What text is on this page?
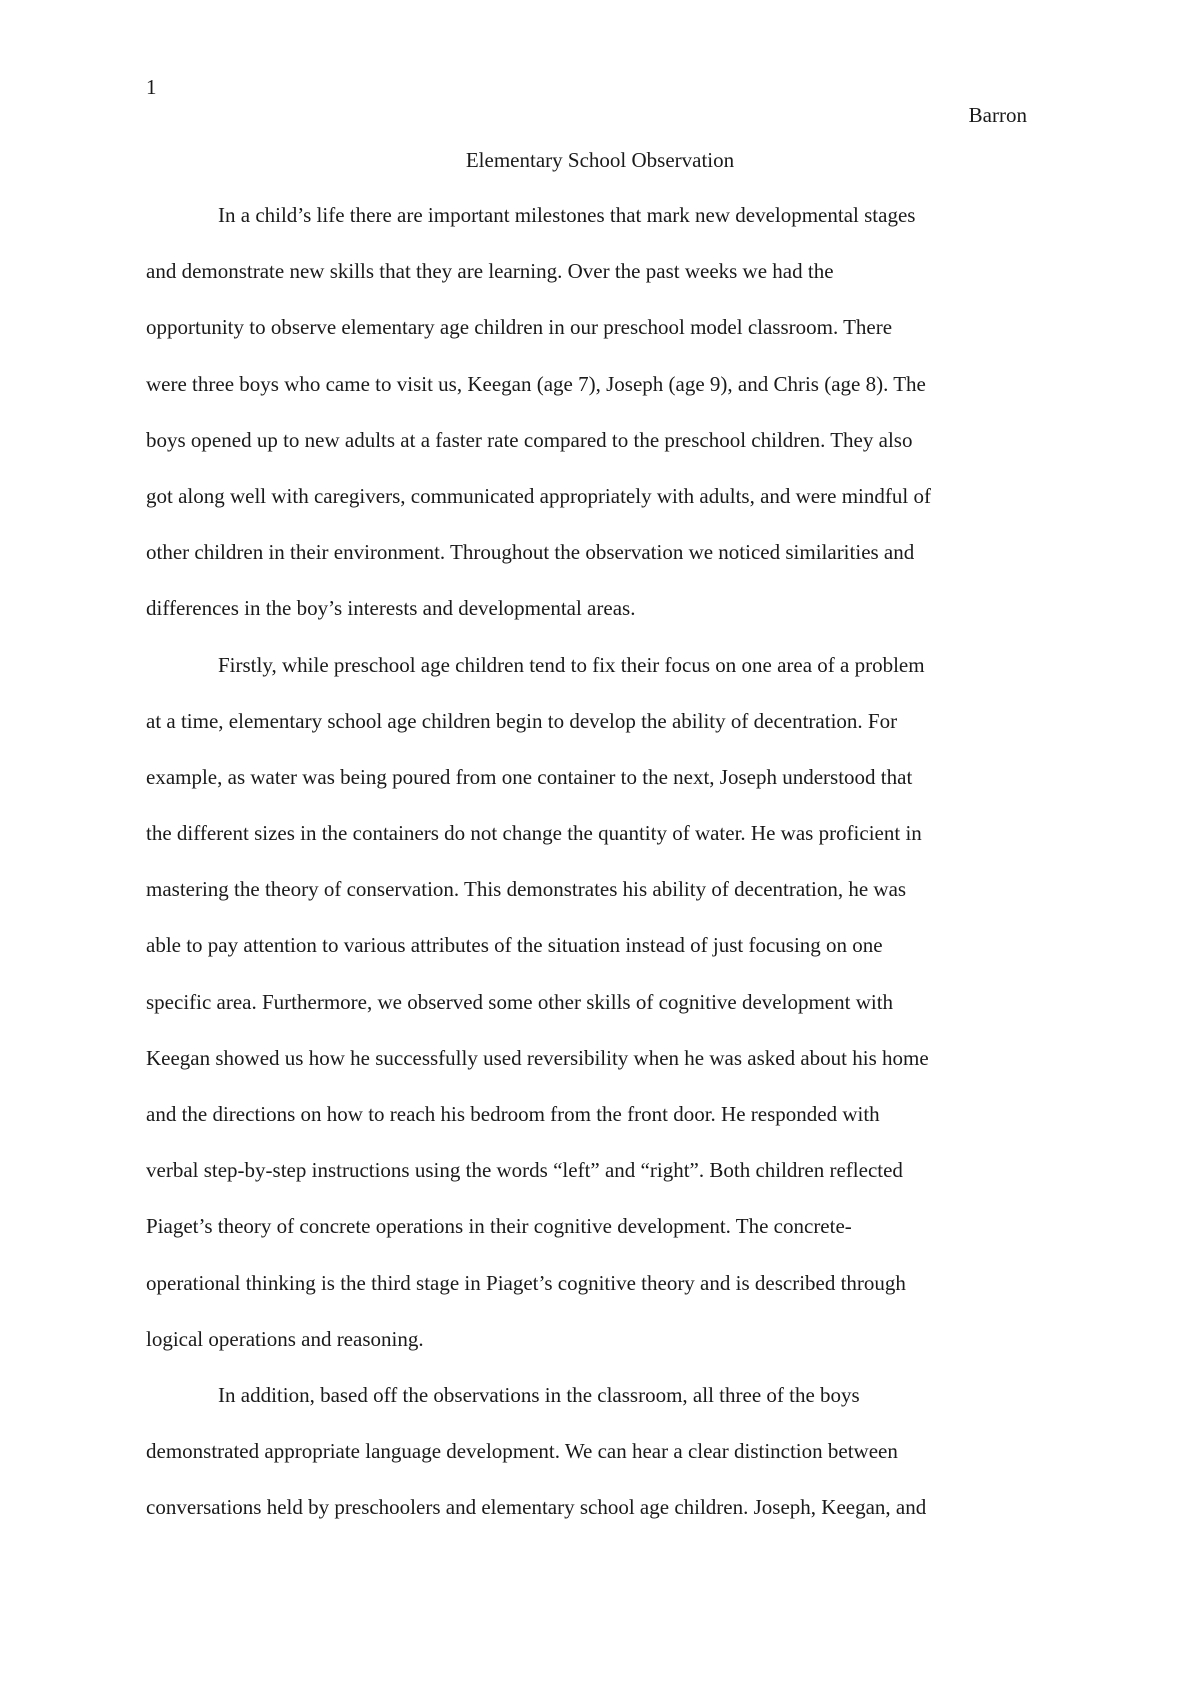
1
Barron
Elementary School Observation
In a child’s life there are important milestones that mark new developmental stages
and demonstrate new skills that they are learning. Over the past weeks we had the
opportunity to observe elementary age children in our preschool model classroom. There
were three boys who came to visit us, Keegan (age 7), Joseph (age 9), and Chris (age 8). The
boys opened up to new adults at a faster rate compared to the preschool children. They also
got along well with caregivers, communicated appropriately with adults, and were mindful of
other children in their environment. Throughout the observation we noticed similarities and
differences in the boy’s interests and developmental areas.
Firstly, while preschool age children tend to fix their focus on one area of a problem
at a time, elementary school age children begin to develop the ability of decentration. For
example, as water was being poured from one container to the next, Joseph understood that
the different sizes in the containers do not change the quantity of water. He was proficient in
mastering the theory of conservation. This demonstrates his ability of decentration, he was
able to pay attention to various attributes of the situation instead of just focusing on one
specific area. Furthermore, we observed some other skills of cognitive development with
Keegan showed us how he successfully used reversibility when he was asked about his home
and the directions on how to reach his bedroom from the front door. He responded with
verbal step-by-step instructions using the words “left” and “right”. Both children reflected
Piaget’s theory of concrete operations in their cognitive development. The concrete-
operational thinking is the third stage in Piaget’s cognitive theory and is described through
logical operations and reasoning.
In addition, based off the observations in the classroom, all three of the boys
demonstrated appropriate language development. We can hear a clear distinction between
conversations held by preschoolers and elementary school age children. Joseph, Keegan, and
